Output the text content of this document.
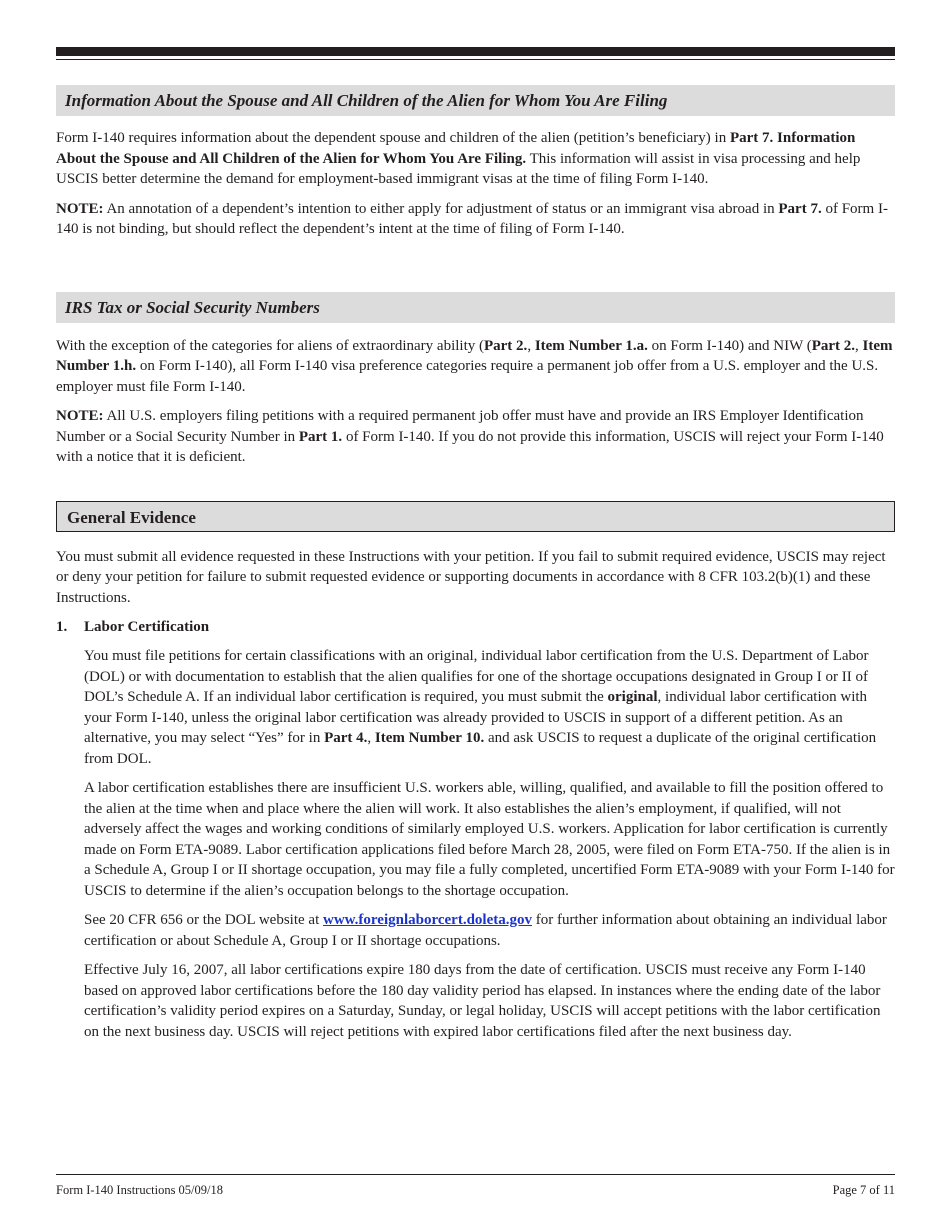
Information About the Spouse and All Children of the Alien for Whom You Are Filing

Form I-140 requires information about the dependent spouse and children of the alien (petition’s beneficiary) in Part 7. Information About the Spouse and All Children of the Alien for Whom You Are Filing. This information will assist in visa processing and help USCIS better determine the demand for employment-based immigrant visas at the time of filing Form I-140.

NOTE: An annotation of a dependent’s intention to either apply for adjustment of status or an immigrant visa abroad in Part 7. of Form I-140 is not binding, but should reflect the dependent’s intent at the time of filing of Form I-140.

IRS Tax or Social Security Numbers

With the exception of the categories for aliens of extraordinary ability (Part 2., Item Number 1.a. on Form I-140) and NIW (Part 2., Item Number 1.h. on Form I-140), all Form I-140 visa preference categories require a permanent job offer from a U.S. employer and the U.S. employer must file Form I-140.

NOTE: All U.S. employers filing petitions with a required permanent job offer must have and provide an IRS Employer Identification Number or a Social Security Number in Part 1. of Form I-140. If you do not provide this information, USCIS will reject your Form I-140 with a notice that it is deficient.

General Evidence

You must submit all evidence requested in these Instructions with your petition. If you fail to submit required evidence, USCIS may reject or deny your petition for failure to submit requested evidence or supporting documents in accordance with 8 CFR 103.2(b)(1) and these Instructions.

1. Labor Certification

You must file petitions for certain classifications with an original, individual labor certification from the U.S. Department of Labor (DOL) or with documentation to establish that the alien qualifies for one of the shortage occupations designated in Group I or II of DOL’s Schedule A. If an individual labor certification is required, you must submit the original, individual labor certification with your Form I-140, unless the original labor certification was already provided to USCIS in support of a different petition. As an alternative, you may select “Yes” for in Part 4., Item Number 10. and ask USCIS to request a duplicate of the original certification from DOL.

A labor certification establishes there are insufficient U.S. workers able, willing, qualified, and available to fill the position offered to the alien at the time when and place where the alien will work. It also establishes the alien’s employment, if qualified, will not adversely affect the wages and working conditions of similarly employed U.S. workers. Application for labor certification is currently made on Form ETA-9089. Labor certification applications filed before March 28, 2005, were filed on Form ETA-750. If the alien is in a Schedule A, Group I or II shortage occupation, you may file a fully completed, uncertified Form ETA-9089 with your Form I-140 for USCIS to determine if the alien’s occupation belongs to the shortage occupation.

See 20 CFR 656 or the DOL website at www.foreignlaborcert.doleta.gov for further information about obtaining an individual labor certification or about Schedule A, Group I or II shortage occupations.

Effective July 16, 2007, all labor certifications expire 180 days from the date of certification. USCIS must receive any Form I-140 based on approved labor certifications before the 180 day validity period has elapsed. In instances where the ending date of the labor certification’s validity period expires on a Saturday, Sunday, or legal holiday, USCIS will accept petitions with the labor certification on the next business day. USCIS will reject petitions with expired labor certifications filed after the next business day.

Form I-140 Instructions 05/09/18	Page 7 of 11
